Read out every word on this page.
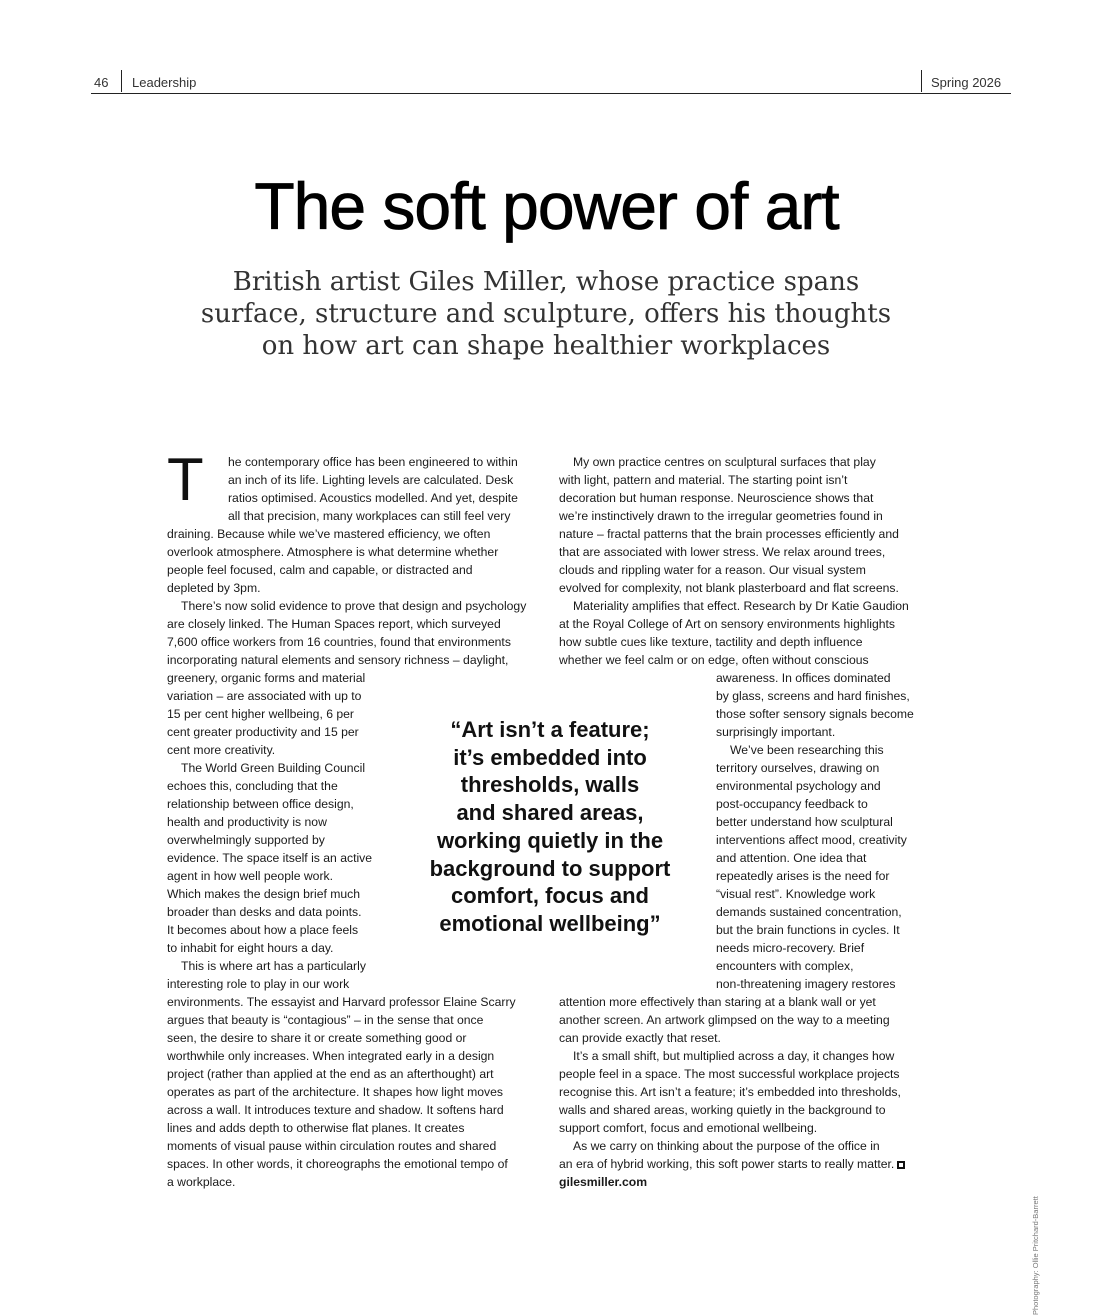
46 Leadership	Spring 2026
The soft power of art
British artist Giles Miller, whose practice spans
surface, structure and sculpture, offers his thoughts
on how art can shape healthier workplaces
T	he contemporary office has been engineered to within

an inch of its life. Lighting levels are calculated. Desk

ratios optimised. Acoustics modelled. And yet, despite

all that precision, many workplaces can still feel very

draining. Because while we’ve mastered efficiency, we often

overlook atmosphere. Atmosphere is what determine whether

people feel focused, calm and capable, or distracted and

depleted by 3pm.

There’s now solid evidence to prove that design and psychology

are closely linked. The Human Spaces report, which surveyed

7,600 office workers from 16 countries, found that environments

incorporating natural elements and sensory richness – daylight,

greenery, organic forms and material

variation – are associated with up to

15 per cent higher wellbeing, 6 per

cent greater productivity and 15 per

cent more creativity.

The World Green Building Council

echoes this, concluding that the

relationship between office design,

health and productivity is now

overwhelmingly supported by

evidence. The space itself is an active

agent in how well people work.

Which makes the design brief much

broader than desks and data points.

It becomes about how a place feels

to inhabit for eight hours a day.

This is where art has a particularly

interesting role to play in our work

environments. The essayist and Harvard professor Elaine Scarry

argues that beauty is “contagious” – in the sense that once

seen, the desire to share it or create something good or

worthwhile only increases. When integrated early in a design

project (rather than applied at the end as an afterthought) art

operates as part of the architecture. It shapes how light moves

across a wall. It introduces texture and shadow. It softens hard

lines and adds depth to otherwise flat planes. It creates

moments of visual pause within circulation routes and shared

spaces. In other words, it choreographs the emotional tempo of

a workplace.

My own practice centres on sculptural surfaces that play

with light, pattern and material. The starting point isn’t

decoration but human response. Neuroscience shows that

we’re instinctively drawn to the irregular geometries found in

nature – fractal patterns that the brain processes efficiently and

that are associated with lower stress. We relax around trees,

clouds and rippling water for a reason. Our visual system

evolved for complexity, not blank plasterboard and flat screens.

Materiality amplifies that effect. Research by Dr Katie Gaudion

at the Royal College of Art on sensory environments highlights

how subtle cues like texture, tactility and depth influence

whether we feel calm or on edge, often without conscious

awareness. In offices dominated

by glass, screens and hard finishes,

those softer sensory signals become

surprisingly important.

We’ve been researching this

territory ourselves, drawing on

environmental psychology and

post-occupancy feedback to

better understand how sculptural

interventions affect mood, creativity

and attention. One idea that

repeatedly arises is the need for

“visual rest”. Knowledge work

demands sustained concentration,

but the brain functions in cycles. It

needs micro-recovery. Brief

encounters with complex,

non-threatening imagery restores

attention more effectively than staring at a blank wall or yet

another screen. An artwork glimpsed on the way to a meeting

can provide exactly that reset.

It’s a small shift, but multiplied across a day, it changes how

people feel in a space. The most successful workplace projects

recognise this. Art isn’t a feature; it’s embedded into thresholds,

walls and shared areas, working quietly in the background to

support comfort, focus and emotional wellbeing.

As we carry on thinking about the purpose of the office in

an era of hybrid working, this soft power starts to really matter.

gilesmiller.com

“Art isn’t a feature;
it’s embedded into
thresholds, walls
and shared areas,
working quietly in the
background to support
comfort, focus and
emotional wellbeing”
Photography: Ollie Pritchard-Barrett
